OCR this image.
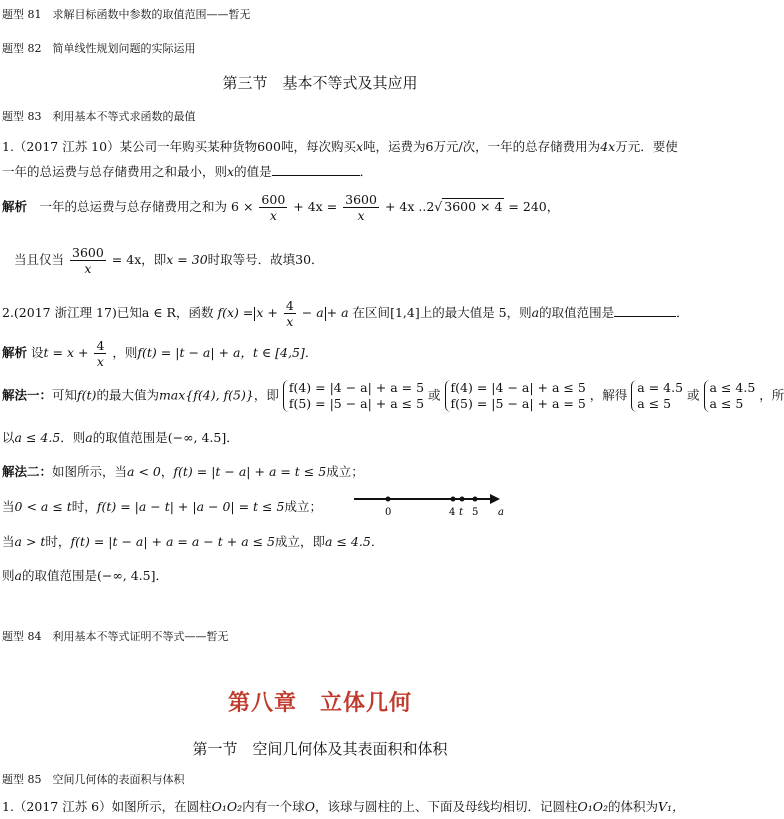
题型 81　求解目标函数中参数的取值范围——暂无
题型 82　简单线性规划问题的实际运用
第三节　基本不等式及其应用
题型 83　利用基本不等式求函数的最值
1.（2017 江苏 10）某公司一年购买某种货物600吨，每次购买x吨，运费为6万元/次，一年的总存储费用为4x万元．要使
一年的总运费与总存储费用之和最小，则x的值是	．
解析　 一年的总运费与总存储费用之和为 $6 \times \frac{600}{x} + 4x = \frac{3600}{x} + 4x$ ..2√ 3600 × 4 = 240，
当且仅当 $\frac{3600}{x} = 4x$，即x = 30时取等号．故填30．
2.(2017 浙江理 17)已知a ∈ R，函数 $f(x) = x + \frac{4}{x} - a + a$ 在区间[1,4]上的最大值是 5，则a的取值范围是	．
解析 设$t = x + \frac{4}{x}$ ，则f(t) = |t − a| + a，t ∈ [4,5]．
解法一：可知f(t)的最大值为max{f(4), f(5)}，即 f(4) = |4 − a| + a = 5
f(5) = |5 − a| + a ≤ 5
或 f(4) = |4 − a| + a ≤ 5
f(5) = |5 − a| + a = 5
，解得 a = 4.5
a ≤ 5
或 a ≤ 4.5
a ≤ 5
，所
以a ≤ 4.5．则a的取值范围是(−∞, 4.5]．
解法二：如图所示，当a < 0，f(t) = |t − a| + a = t ≤ 5成立；
当0 < a ≤ t时，f(t) = |a − t| + |a − 0| = t ≤ 5成立；	0	4 t 5 a
当a > t时，f(t) = |t − a| + a = a − t + a ≤ 5成立，即a ≤ 4.5．
则a的取值范围是(−∞, 4.5]．
题型 84　利用基本不等式证明不等式——暂无
第八章　立体几何
第一节　空间几何体及其表面积和体积
题型 85　空间几何体的表面积与体积
1.（2017 江苏 6）如图所示，在圆柱O₁O₂内有一个球O，该球与圆柱的上、下面及母线均相切．记圆柱O₁O₂的体积为V₁，
